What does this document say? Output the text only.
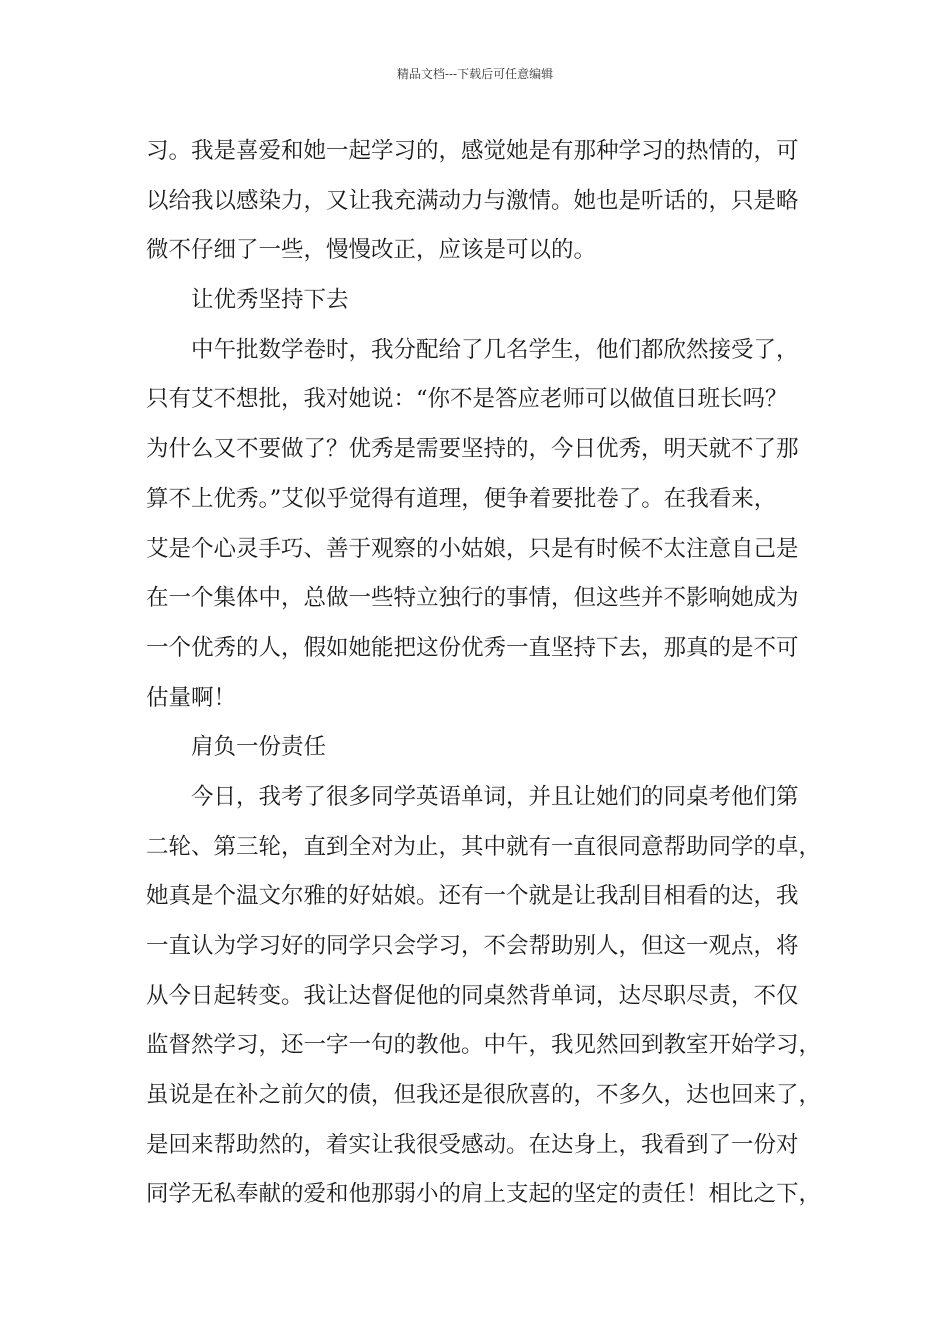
精品文档---下载后可任意编辑
习。我是喜爱和她一起学习的，感觉她是有那种学习的热情的，可
以给我以感染力，又让我充满动力与激情。她也是听话的，只是略
微不仔细了一些，慢慢改正，应该是可以的。
让优秀坚持下去
中午批数学卷时，我分配给了几名学生，他们都欣然接受了，
只有艾不想批，我对她说：“你不是答应老师可以做值日班长吗？
为什么又不要做了？优秀是需要坚持的，今日优秀，明天就不了那
算不上优秀。”艾似乎觉得有道理，便争着要批卷了。在我看来，
艾是个心灵手巧、善于观察的小姑娘，只是有时候不太注意自己是
在一个集体中，总做一些特立独行的事情，但这些并不影响她成为
一个优秀的人，假如她能把这份优秀一直坚持下去，那真的是不可
估量啊！
肩负一份责任
今日，我考了很多同学英语单词，并且让她们的同桌考他们第
二轮、第三轮，直到全对为止，其中就有一直很同意帮助同学的卓，
她真是个温文尔雅的好姑娘。还有一个就是让我刮目相看的达，我
一直认为学习好的同学只会学习，不会帮助别人，但这一观点，将
从今日起转变。我让达督促他的同桌然背单词，达尽职尽责，不仅
监督然学习，还一字一句的教他。中午，我见然回到教室开始学习，
虽说是在补之前欠的债，但我还是很欣喜的，不多久，达也回来了，
是回来帮助然的，着实让我很受感动。在达身上，我看到了一份对
同学无私奉献的爱和他那弱小的肩上支起的坚定的责任！相比之下，
